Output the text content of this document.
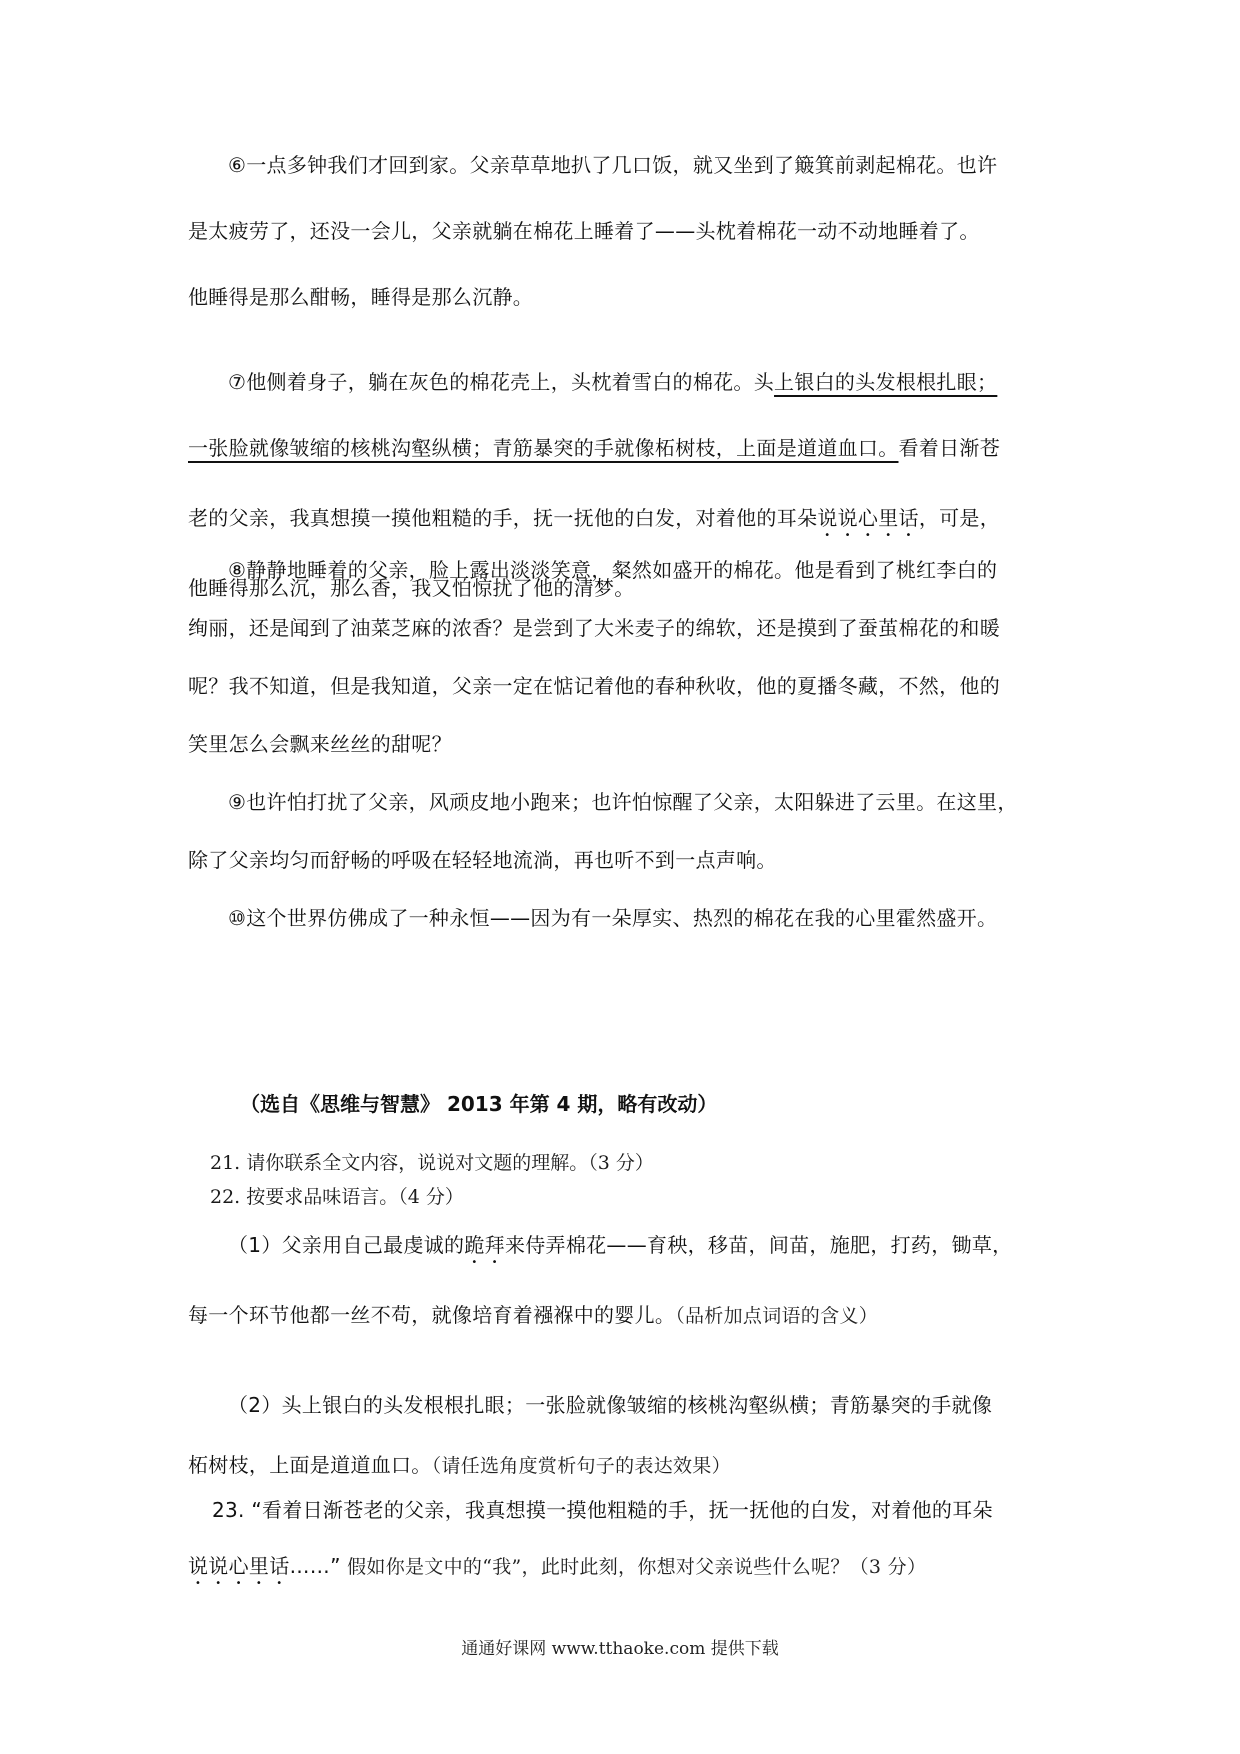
⑥一点多钟我们才回到家。父亲草草地扒了几口饭，就又坐到了簸箕前剥起棉花。也许
是太疲劳了，还没一会儿，父亲就躺在棉花上睡着了——头枕着棉花一动不动地睡着了。
他睡得是那么酣畅，睡得是那么沉静。
⑦他侧着身子，躺在灰色的棉花壳上，头枕着雪白的棉花。头上银白的头发根根扎眼；
一张脸就像皱缩的核桃沟壑纵横；青筋暴突的手就像柘树枝，上面是道道血口。看着日渐苍
老的父亲，我真想摸一摸他粗糙的手，抚一抚他的白发，对着他的耳朵说说心里话，可是，
他睡得那么沉，那么香，我又怕惊扰了他的清梦。
⑧静静地睡着的父亲，脸上露出淡淡笑意，粲然如盛开的棉花。他是看到了桃红李白的
绚丽，还是闻到了油菜芝麻的浓香？是尝到了大米麦子的绵软，还是摸到了蚕茧棉花的和暖
呢？我不知道，但是我知道，父亲一定在惦记着他的春种秋收，他的夏播冬藏，不然，他的
笑里怎么会飘来丝丝的甜呢？
⑨也许怕打扰了父亲，风顽皮地小跑来；也许怕惊醒了父亲，太阳躲进了云里。在这里，
除了父亲均匀而舒畅的呼吸在轻轻地流淌，再也听不到一点声响。
⑩这个世界仿佛成了一种永恒——因为有一朵厚实、热烈的棉花在我的心里霍然盛开。

（选自《思维与智慧》 2013 年第 4 期，略有改动）

21. 请你联系全文内容，说说对文题的理解。（3 分）

22. 按要求品味语言。（4 分）

（1）父亲用自己最虔诚的跪拜来侍弄棉花——育秧，移苗，间苗，施肥，打药，锄草，
每一个环节他都一丝不苟，就像培育着襁褓中的婴儿。（品析加点词语的含义）
（2）头上银白的头发根根扎眼；一张脸就像皱缩的核桃沟壑纵横；青筋暴突的手就像
柘树枝，上面是道道血口。（请任选角度赏析句子的表达效果）
23. “看着日渐苍老的父亲，我真想摸一摸他粗糙的手，抚一抚他的白发，对着他的耳朵
说说心里话……” 假如你是文中的“我”，此时此刻，你想对父亲说些什么呢？（3 分）

通通好课网 www.tthaoke.com 提供下载
